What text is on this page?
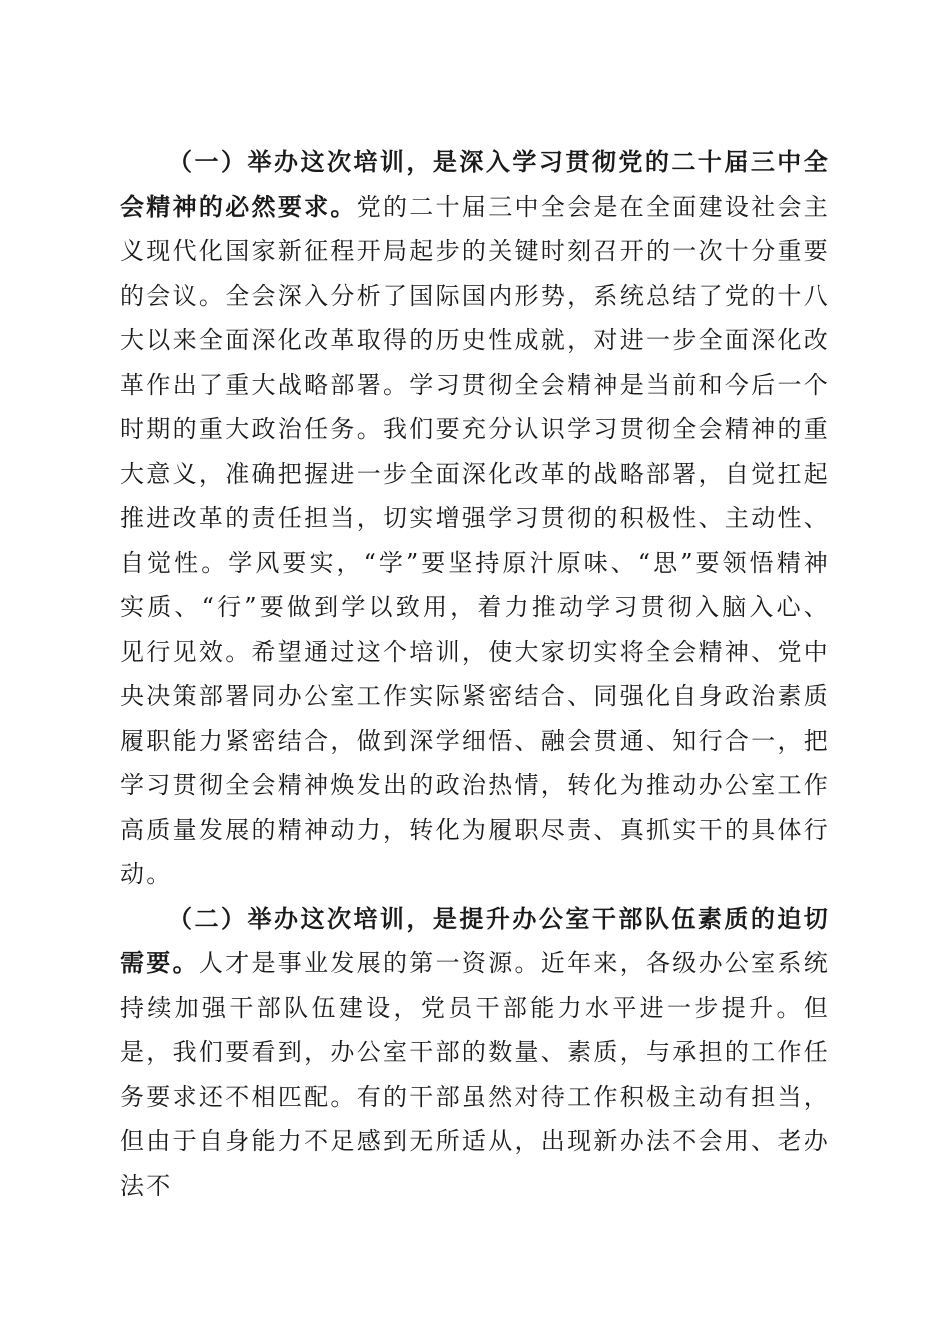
（一）举办这次培训，是深入学习贯彻党的二十届三中全会精神的必然要求。党的二十届三中全会是在全面建设社会主义现代化国家新征程开局起步的关键时刻召开的一次十分重要的会议。全会深入分析了国际国内形势，系统总结了党的十八大以来全面深化改革取得的历史性成就，对进一步全面深化改革作出了重大战略部署。学习贯彻全会精神是当前和今后一个时期的重大政治任务。我们要充分认识学习贯彻全会精神的重大意义，准确把握进一步全面深化改革的战略部署，自觉扛起推进改革的责任担当，切实增强学习贯彻的积极性、主动性、自觉性。学风要实，“学”要坚持原汁原味、“思”要领悟精神实质、“行”要做到学以致用，着力推动学习贯彻入脑入心、见行见效。希望通过这个培训，使大家切实将全会精神、党中央决策部署同办公室工作实际紧密结合、同强化自身政治素质履职能力紧密结合，做到深学细悟、融会贯通、知行合一，把学习贯彻全会精神焕发出的政治热情，转化为推动办公室工作高质量发展的精神动力，转化为履职尽责、真抓实干的具体行动。

（二）举办这次培训，是提升办公室干部队伍素质的迫切需要。人才是事业发展的第一资源。近年来，各级办公室系统持续加强干部队伍建设，党员干部能力水平进一步提升。但是，我们要看到，办公室干部的数量、素质，与承担的工作任务要求还不相匹配。有的干部虽然对待工作积极主动有担当，但由于自身能力不足感到无所适从，出现新办法不会用、老办法不
